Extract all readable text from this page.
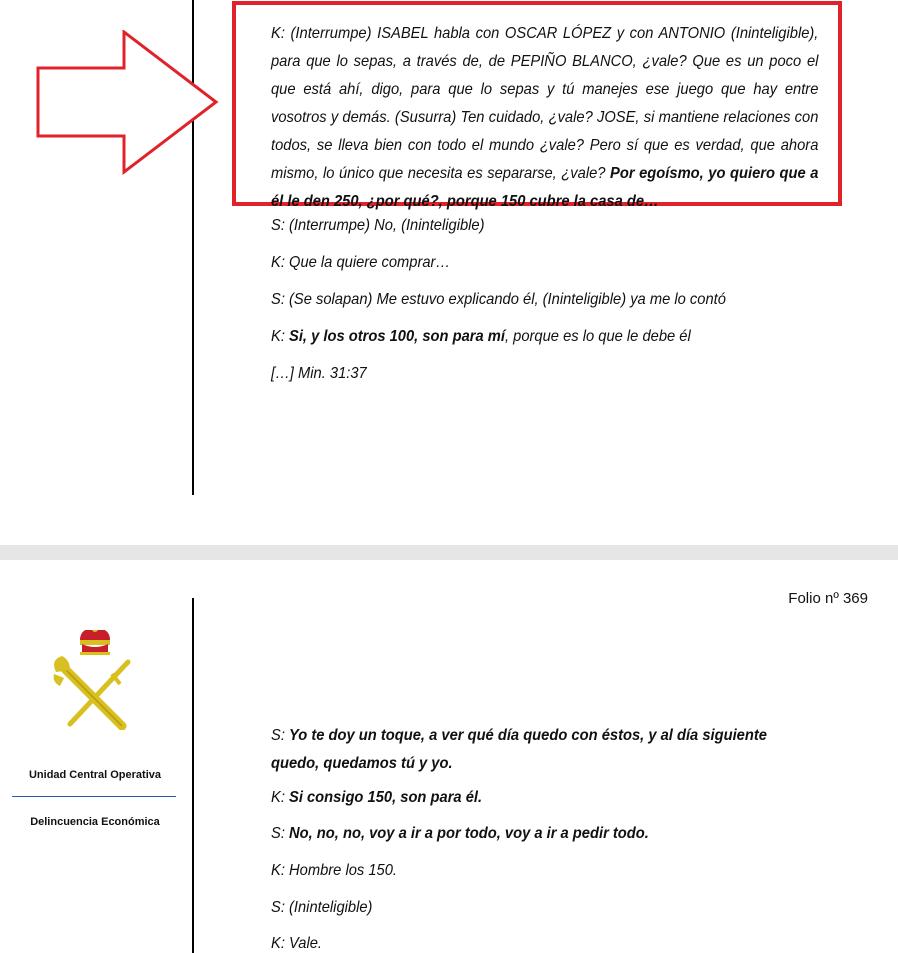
K: (Interrumpe) ISABEL habla con OSCAR LÓPEZ y con ANTONIO (Ininteligible), para que lo sepas, a través de, de PEPIÑO BLANCO, ¿vale? Que es un poco el que está ahí, digo, para que lo sepas y tú manejes ese juego que hay entre vosotros y demás. (Susurra) Ten cuidado, ¿vale? JOSE, si mantiene relaciones con todos, se lleva bien con todo el mundo ¿vale? Pero sí que es verdad, que ahora mismo, lo único que necesita es separarse, ¿vale? Por egoísmo, yo quiero que a él le den 250, ¿por qué?, porque 150 cubre la casa de…
S: (Interrumpe) No, (Ininteligible)
K: Que la quiere comprar…
S: (Se solapan) Me estuvo explicando él, (Ininteligible) ya me lo contó
K: Si, y los otros 100, son para mí, porque es lo que le debe él
[…] Min. 31:37
Folio nº 369
Unidad Central Operativa
Delincuencia Económica
S: Yo te doy un toque, a ver qué día quedo con éstos, y al día siguiente quedo, quedamos tú y yo.
K: Si consigo 150, son para él.
S: No, no, no, voy a ir a por todo, voy a ir a pedir todo.
K: Hombre los 150.
S: (Ininteligible)
K: Vale.
